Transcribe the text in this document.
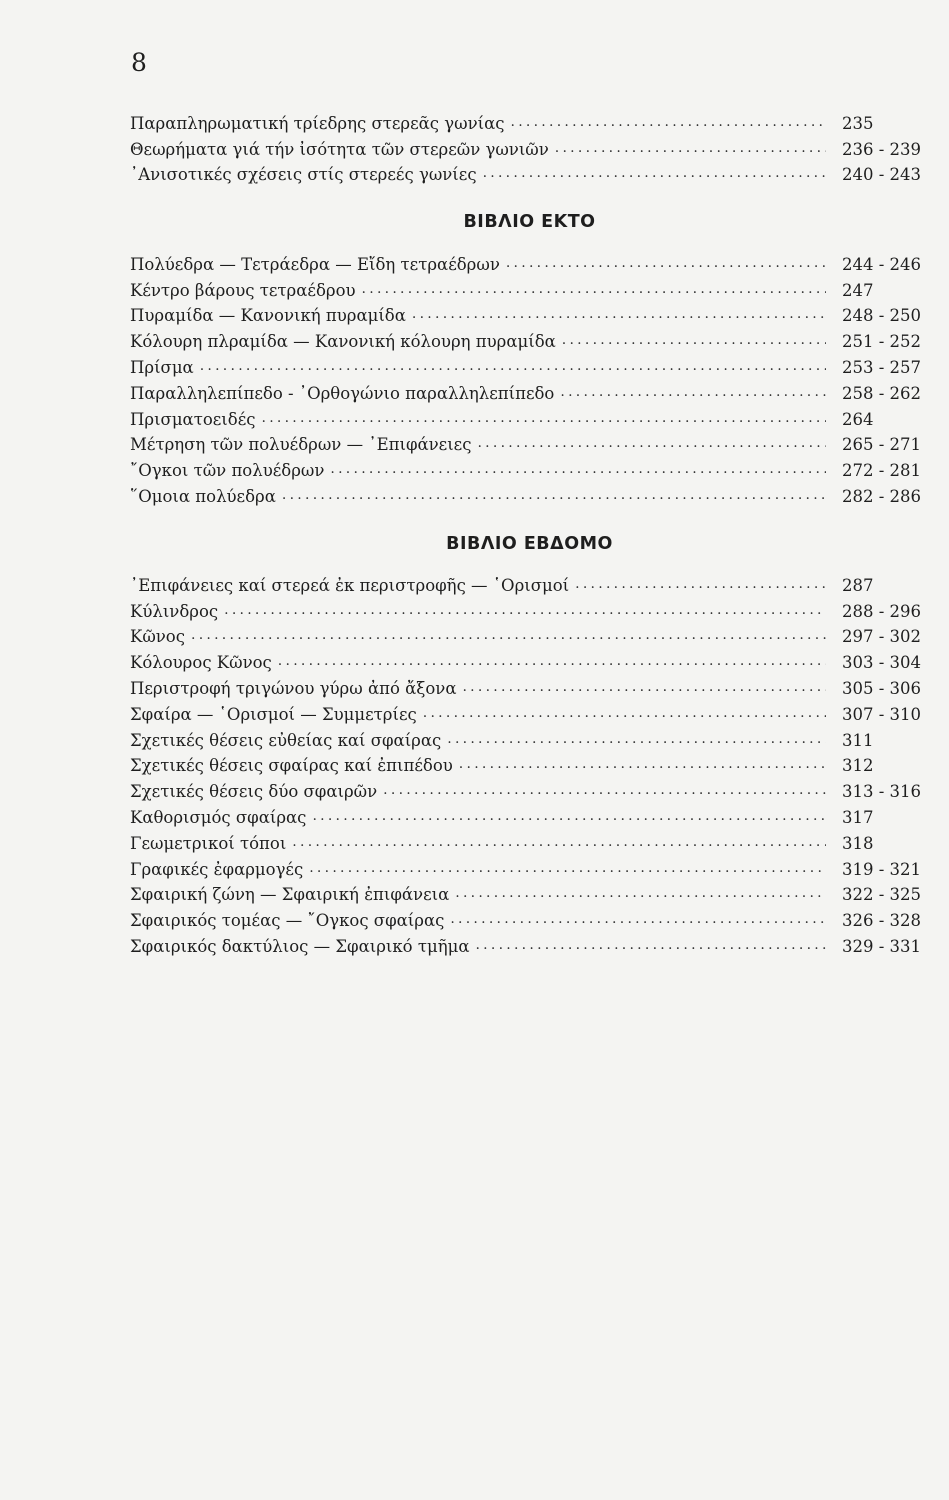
8
Παραπληρωματική τρίεδρης στερεᾶς γωνίας . . .	235
Θεωρήματα γιά τήν ἰσότητα τῶν στερεῶν γωνιῶν . . .	236 - 239
᾿Ανισοτικές σχέσεις στίς στερεές γωνίες . . .	240 - 243
ΒΙΒΛΙΟ ΕΚΤΟ
Πολύεδρα — Τετράεδρα — Εἴδη τετραέδρων . . .	244 - 246
Κέντρο βάρους τετραέδρου . . .	247
Πυραμίδα — Κανονική πυραμίδα . . .	248 - 250
Κόλουρη πλραμίδα — Κανονική κόλουρη πυραμίδα . . .	251 - 252
Πρίσμα . . .	253 - 257
Παραλληλεπίπεδο - ᾿Ορθογώνιο παραλληλεπίπεδο . . .	258 - 262
Πρισματοειδές . . .	264
Μέτρηση τῶν πολυέδρων — ᾿Επιφάνειες . . .	265 - 271
῎Ογκοι τῶν πολυέδρων . . .	272 - 281
῞Ομοια πολύεδρα . . .	282 - 286
ΒΙΒΛΙΟ ΕΒΔΟΜΟ
᾿Επιφάνειες καί στερεά ἐκ περιστροφῆς — ῾Ορισμοί . . .	287
Κύλινδρος . . .	288 - 296
Κῶνος . . .	297 - 302
Κόλουρος Κῶνος . . .	303 - 304
Περιστροφή τριγώνου γύρω ἀπό ἄξονα . . .	305 - 306
Σφαίρα — ῾Ορισμοί — Συμμετρίες . . .	307 - 310
Σχετικές θέσεις εὐθείας καί σφαίρας . . .	311
Σχετικές θέσεις σφαίρας καί ἐπιπέδου . . .	312
Σχετικές θέσεις δύο σφαιρῶν . . .	313 - 316
Καθορισμός σφαίρας . . .	317
Γεωμετρικοί τόποι . . .	318
Γραφικές ἐφαρμογές . . .	319 - 321
Σφαιρική ζώνη — Σφαιρική ἐπιφάνεια . . .	322 - 325
Σφαιρικός τομέας — ῎Ογκος σφαίρας . . .	326 - 328
Σφαιρικός δακτύλιος — Σφαιρικό τμῆμα . . .	329 - 331
